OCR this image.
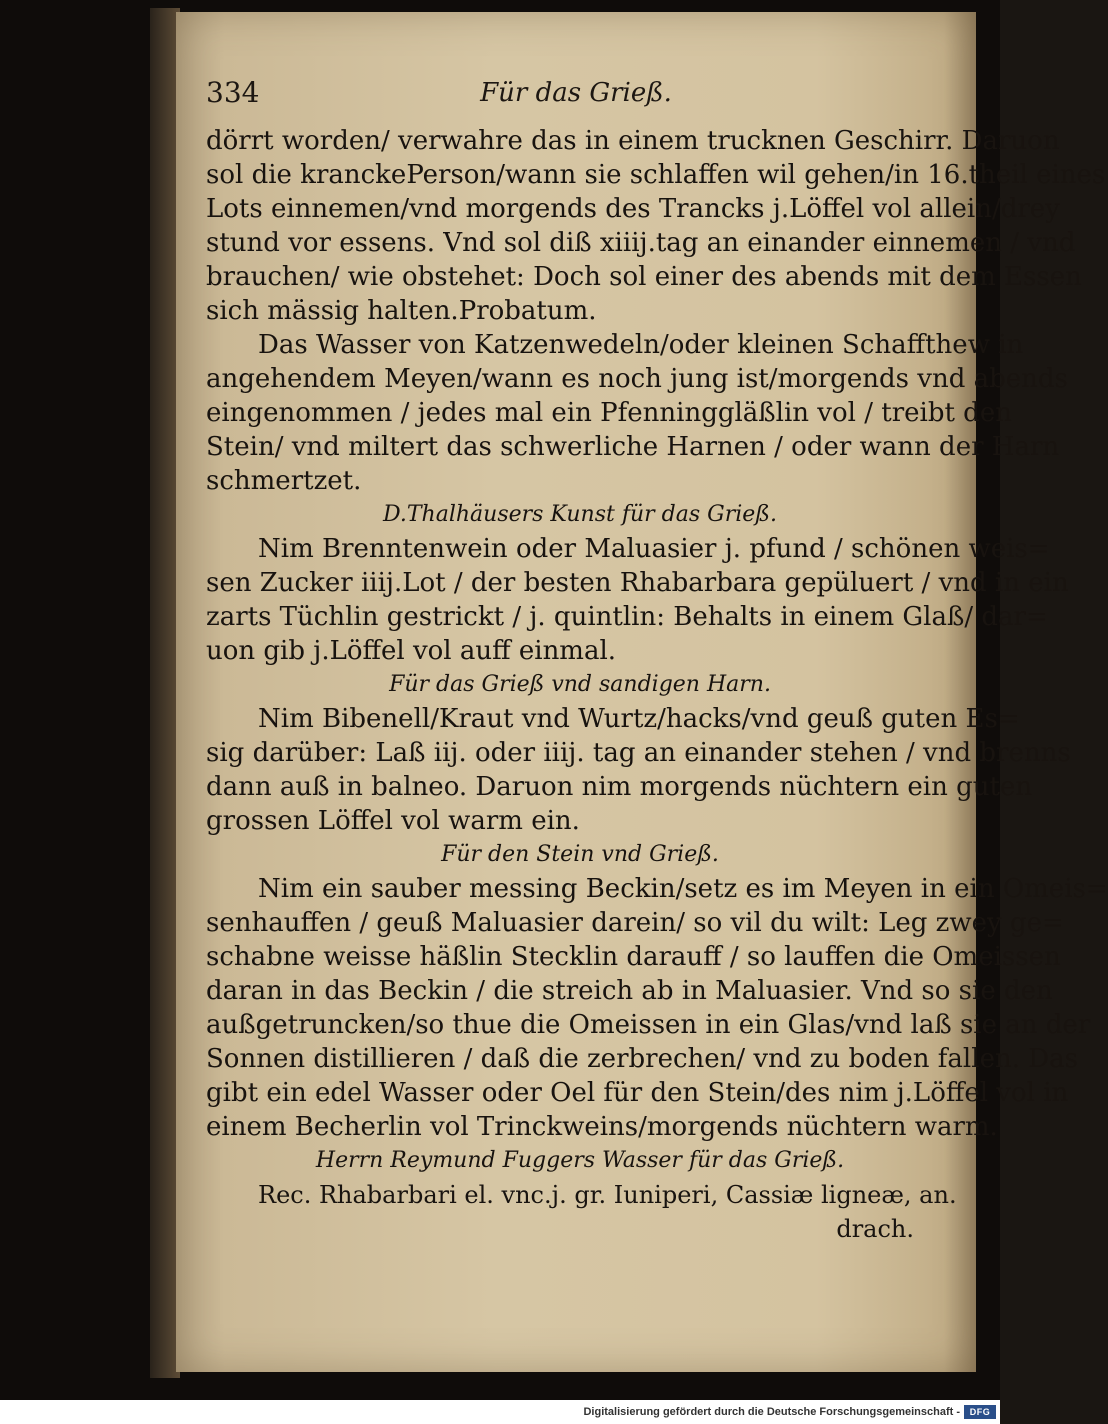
334	Für das Grieß.
dörrt worden/ verwahre das in einem trucknen Geschirr. Daruon
sol die kranckePerson/wann sie schlaffen wil gehen/in 16.theil eines
Lots einnemen/vnd morgends des Trancks j.Löffel vol allein/drey
stund vor essens. Vnd sol diß xiiij.tag an einander einnemen / vnd
brauchen/ wie obstehet: Doch sol einer des abends mit dem Essen
sich mässig halten.Probatum.
Das Wasser von Katzenwedeln/oder kleinen Schaffthew in
angehendem Meyen/wann es noch jung ist/morgends vnd abends
eingenommen / jedes mal ein Pfenninggläßlin vol / treibt den
Stein/ vnd miltert das schwerliche Harnen / oder wann der Harn
schmertzet.
D.Thalhäusers Kunst für das Grieß.
Nim Brenntenwein oder Maluasier j. pfund / schönen weis=
sen Zucker iiij.Lot / der besten Rhabarbara gepüluert / vnd in ein
zarts Tüchlin gestrickt / j. quintlin: Behalts in einem Glaß/ dar=
uon gib j.Löffel vol auff einmal.
Für das Grieß vnd sandigen Harn.
Nim Bibenell/Kraut vnd Wurtz/hacks/vnd geuß guten Es=
sig darüber: Laß iij. oder iiij. tag an einander stehen / vnd brenns
dann auß in balneo. Daruon nim morgends nüchtern ein guten
grossen Löffel vol warm ein.
Für den Stein vnd Grieß.
Nim ein sauber messing Beckin/setz es im Meyen in ein Omeis=
senhauffen / geuß Maluasier darein/ so vil du wilt: Leg zwey ge=
schabne weisse häßlin Stecklin darauff / so lauffen die Omeissen
daran in das Beckin / die streich ab in Maluasier. Vnd so sie den
außgetruncken/so thue die Omeissen in ein Glas/vnd laß sie an der
Sonnen distillieren / daß die zerbrechen/ vnd zu boden fallen. Das
gibt ein edel Wasser oder Oel für den Stein/des nim j.Löffel vol in
einem Becherlin vol Trinckweins/morgends nüchtern warm.
Herrn Reymund Fuggers Wasser für das Grieß.
Rec. Rhabarbari el. vnc.j. gr. Iuniperi, Cassiæ ligneæ, an.
drach.
Digitalisierung gefördert durch die Deutsche Forschungsgemeinschaft -	DFG
